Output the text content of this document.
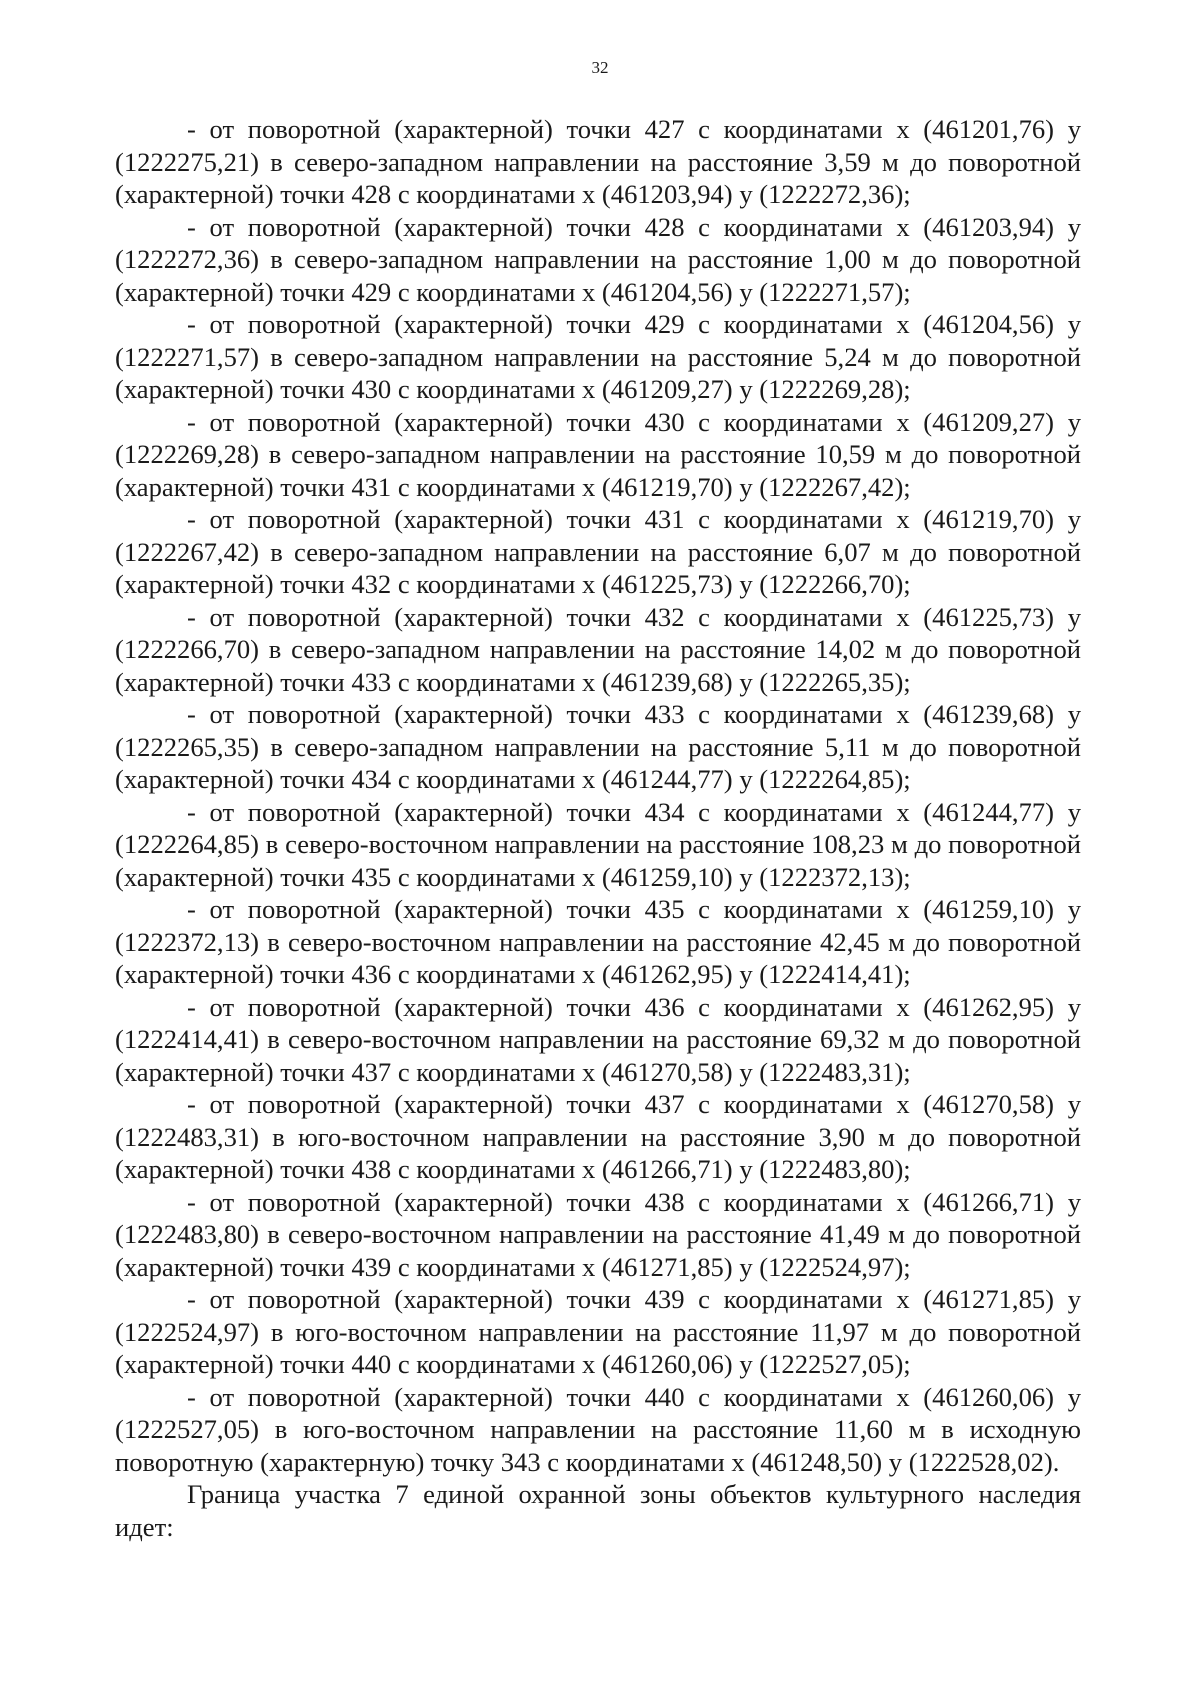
32

- от поворотной (характерной) точки 427 с координатами x (461201,76) y (1222275,21) в северо-западном направлении на расстояние 3,59 м до поворотной (характерной) точки 428 с координатами x (461203,94) y (1222272,36);

- от поворотной (характерной) точки 428 с координатами x (461203,94) y (1222272,36) в северо-западном направлении на расстояние 1,00 м до поворотной (характерной) точки 429 с координатами x (461204,56) y (1222271,57);

- от поворотной (характерной) точки 429 с координатами x (461204,56) y (1222271,57) в северо-западном направлении на расстояние 5,24 м до поворотной (характерной) точки 430 с координатами x (461209,27) y (1222269,28);

- от поворотной (характерной) точки 430 с координатами x (461209,27) y (1222269,28) в северо-западном направлении на расстояние 10,59 м до поворотной (характерной) точки 431 с координатами x (461219,70) y (1222267,42);

- от поворотной (характерной) точки 431 с координатами x (461219,70) y (1222267,42) в северо-западном направлении на расстояние 6,07 м до поворотной (характерной) точки 432 с координатами x (461225,73) y (1222266,70);

- от поворотной (характерной) точки 432 с координатами x (461225,73) y (1222266,70) в северо-западном направлении на расстояние 14,02 м до поворотной (характерной) точки 433 с координатами x (461239,68) y (1222265,35);

- от поворотной (характерной) точки 433 с координатами x (461239,68) y (1222265,35) в северо-западном направлении на расстояние 5,11 м до поворотной (характерной) точки 434 с координатами x (461244,77) y (1222264,85);

- от поворотной (характерной) точки 434 с координатами x (461244,77) y (1222264,85) в северо-восточном направлении на расстояние 108,23 м до поворотной (характерной) точки 435 с координатами x (461259,10) y (1222372,13);

- от поворотной (характерной) точки 435 с координатами x (461259,10) y (1222372,13) в северо-восточном направлении на расстояние 42,45 м до поворотной (характерной) точки 436 с координатами x (461262,95) y (1222414,41);

- от поворотной (характерной) точки 436 с координатами x (461262,95) y (1222414,41) в северо-восточном направлении на расстояние 69,32 м до поворотной (характерной) точки 437 с координатами x (461270,58) y (1222483,31);

- от поворотной (характерной) точки 437 с координатами x (461270,58) y (1222483,31) в юго-восточном направлении на расстояние 3,90 м до поворотной (характерной) точки 438 с координатами x (461266,71) y (1222483,80);

- от поворотной (характерной) точки 438 с координатами x (461266,71) y (1222483,80) в северо-восточном направлении на расстояние 41,49 м до поворотной (характерной) точки 439 с координатами x (461271,85) y (1222524,97);

- от поворотной (характерной) точки 439 с координатами x (461271,85) y (1222524,97) в юго-восточном направлении на расстояние 11,97 м до поворотной (характерной) точки 440 с координатами x (461260,06) y (1222527,05);

- от поворотной (характерной) точки 440 с координатами x (461260,06) y (1222527,05) в юго-восточном направлении на расстояние 11,60 м в исходную поворотную (характерную) точку 343 с координатами x (461248,50) y (1222528,02).

Граница участка 7 единой охранной зоны объектов культурного наследия идет:
